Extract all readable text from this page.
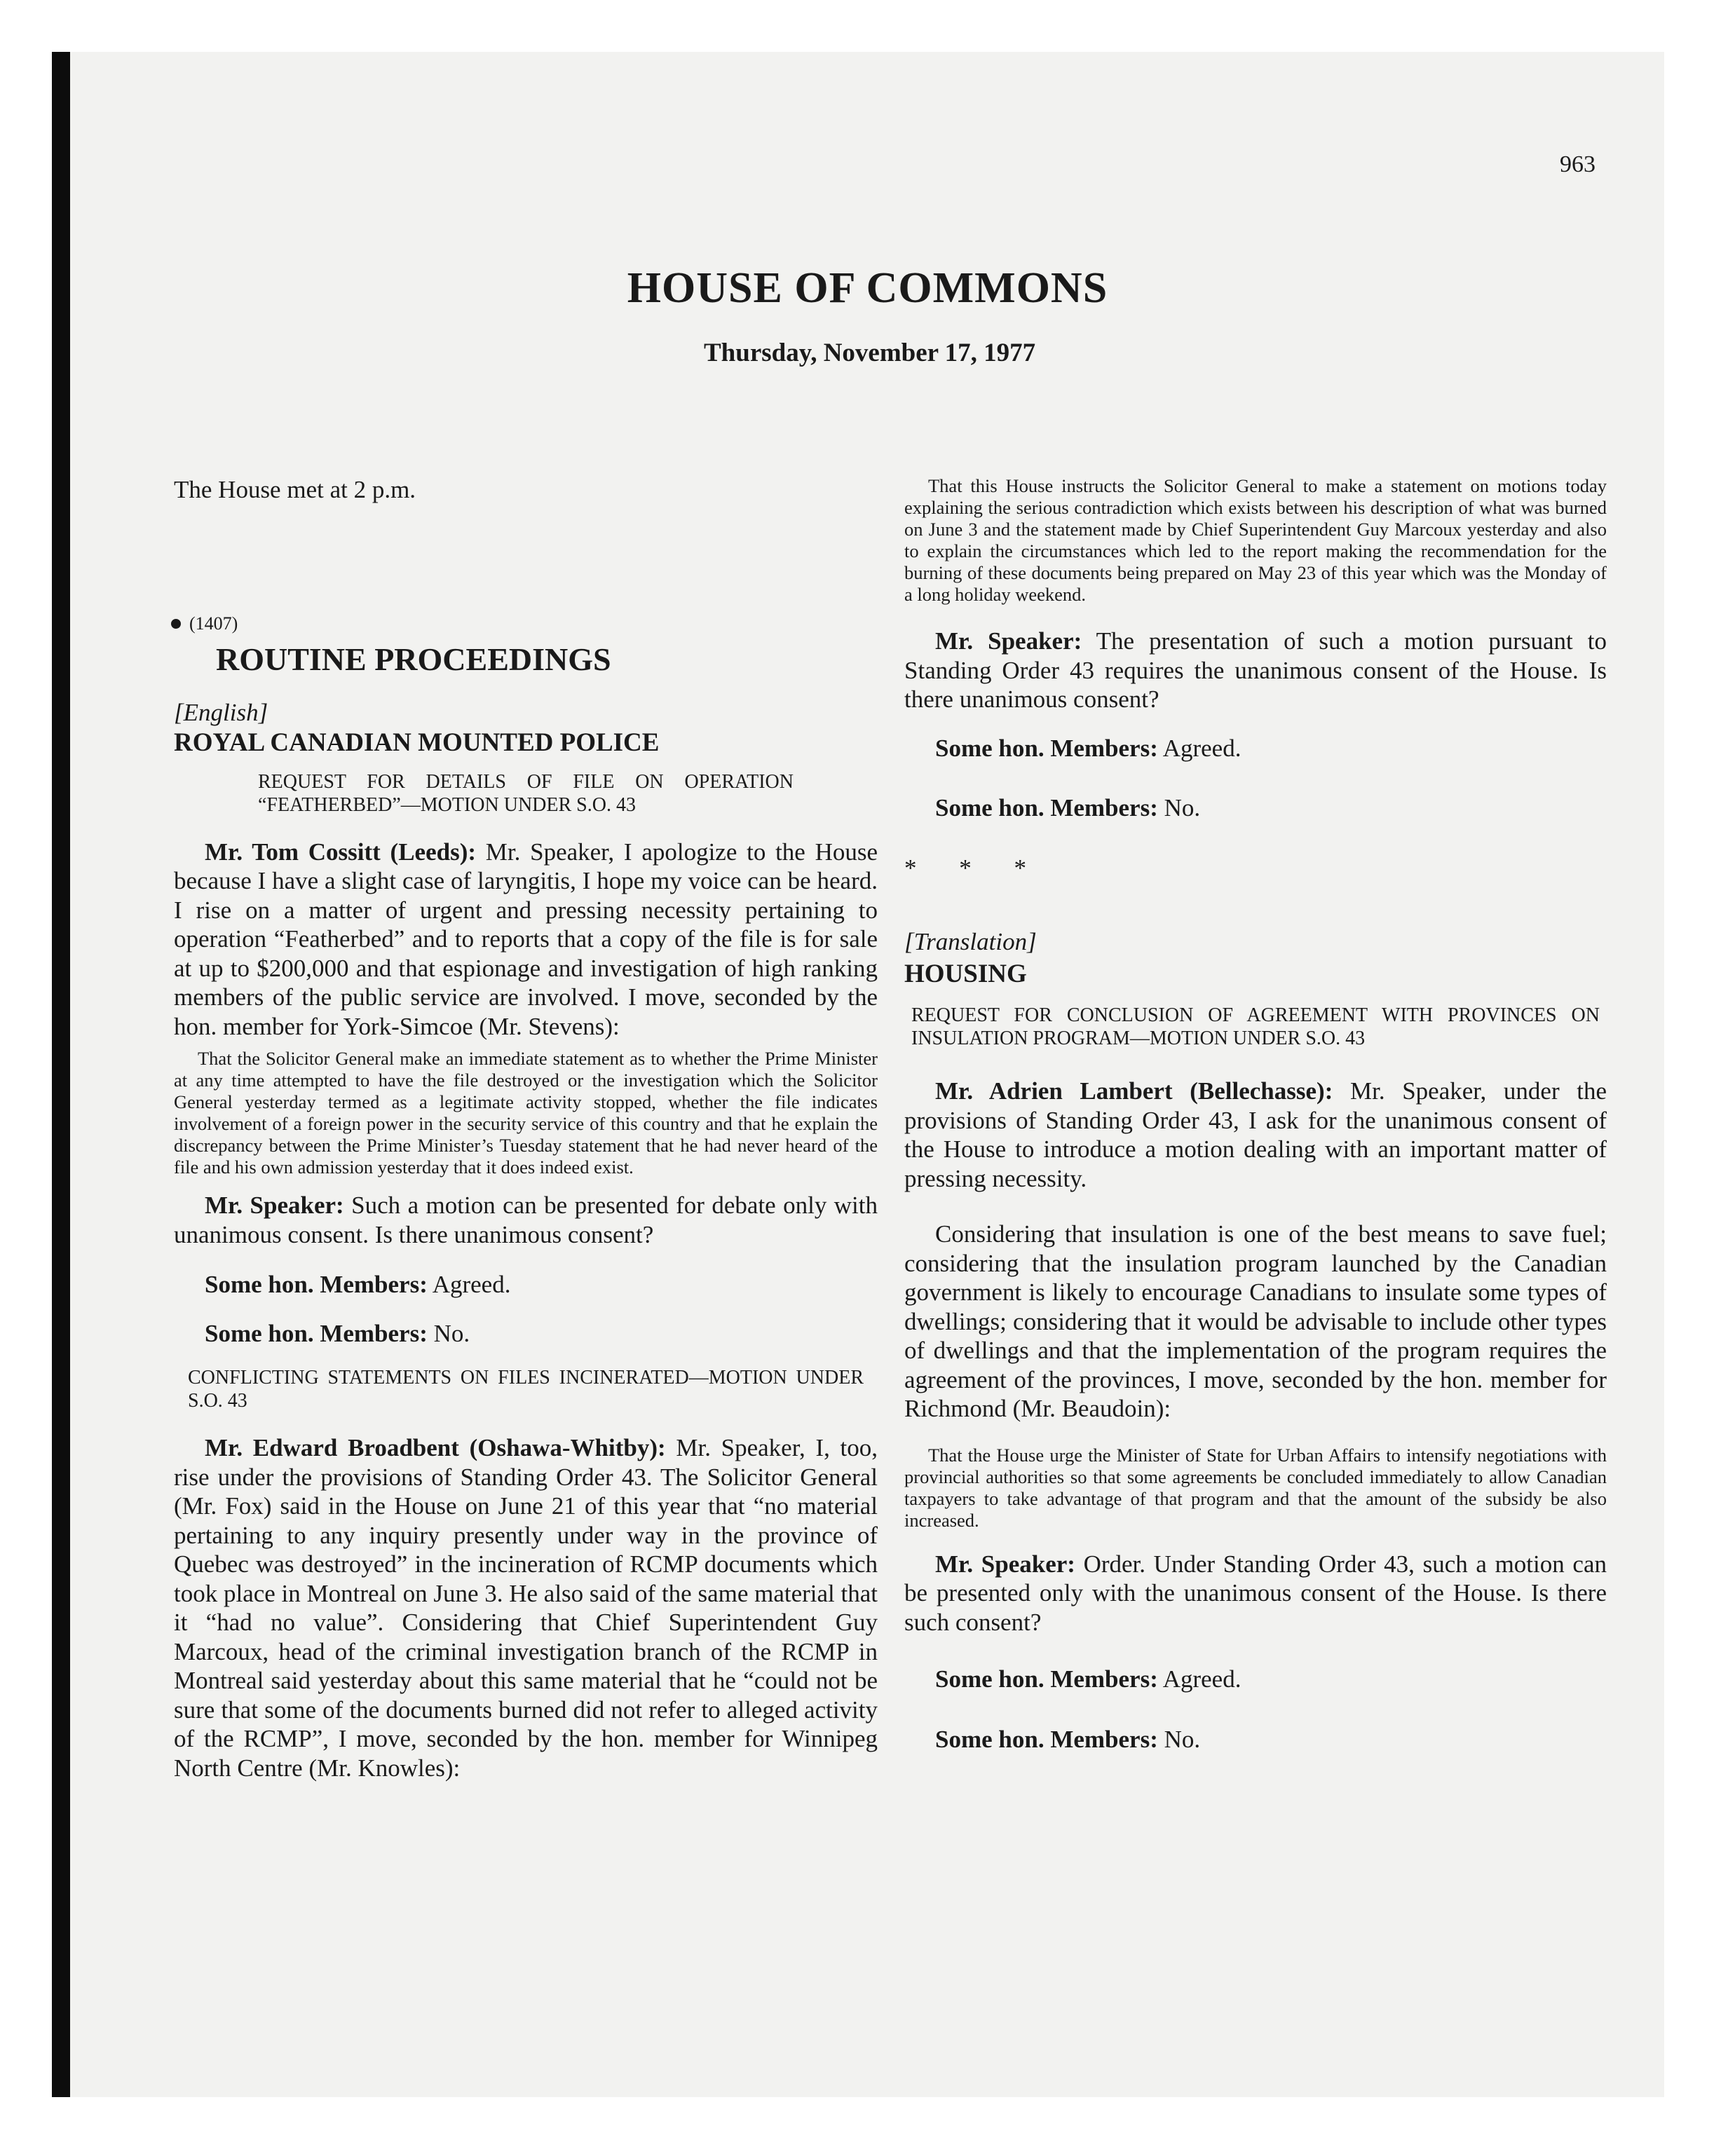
963
HOUSE OF COMMONS
Thursday, November 17, 1977

The House met at 2 p.m.

(1407)

ROUTINE PROCEEDINGS

[English]

ROYAL CANADIAN MOUNTED POLICE

REQUEST FOR DETAILS OF FILE ON OPERATION “FEATHERBED”—MOTION UNDER S.O. 43

Mr. Tom Cossitt (Leeds): Mr. Speaker, I apologize to the House because I have a slight case of laryngitis, I hope my voice can be heard. I rise on a matter of urgent and pressing necessity pertaining to operation “Featherbed” and to reports that a copy of the file is for sale at up to $200,000 and that espionage and investigation of high ranking members of the public service are involved. I move, seconded by the hon. member for York-Simcoe (Mr. Stevens):

That the Solicitor General make an immediate statement as to whether the Prime Minister at any time attempted to have the file destroyed or the investigation which the Solicitor General yesterday termed as a legitimate activity stopped, whether the file indicates involvement of a foreign power in the security service of this country and that he explain the discrepancy between the Prime Minister’s Tuesday statement that he had never heard of the file and his own admission yesterday that it does indeed exist.

Mr. Speaker: Such a motion can be presented for debate only with unanimous consent. Is there unanimous consent?

Some hon. Members: Agreed.

Some hon. Members: No.

CONFLICTING STATEMENTS ON FILES INCINERATED—MOTION UNDER S.O. 43

Mr. Edward Broadbent (Oshawa-Whitby): Mr. Speaker, I, too, rise under the provisions of Standing Order 43. The Solicitor General (Mr. Fox) said in the House on June 21 of this year that “no material pertaining to any inquiry presently under way in the province of Quebec was destroyed” in the incineration of RCMP documents which took place in Montreal on June 3. He also said of the same material that it “had no value”. Considering that Chief Superintendent Guy Marcoux, head of the criminal investigation branch of the RCMP in Montreal said yesterday about this same material that he “could not be sure that some of the documents burned did not refer to alleged activity of the RCMP”, I move, seconded by the hon. member for Winnipeg North Centre (Mr. Knowles):

That this House instructs the Solicitor General to make a statement on motions today explaining the serious contradiction which exists between his description of what was burned on June 3 and the statement made by Chief Superintendent Guy Marcoux yesterday and also to explain the circumstances which led to the report making the recommendation for the burning of these documents being prepared on May 23 of this year which was the Monday of a long holiday weekend.

Mr. Speaker: The presentation of such a motion pursuant to Standing Order 43 requires the unanimous consent of the House. Is there unanimous consent?

Some hon. Members: Agreed.

Some hon. Members: No.

* * *

[Translation]

HOUSING

REQUEST FOR CONCLUSION OF AGREEMENT WITH PROVINCES ON INSULATION PROGRAM—MOTION UNDER S.O. 43

Mr. Adrien Lambert (Bellechasse): Mr. Speaker, under the provisions of Standing Order 43, I ask for the unanimous consent of the House to introduce a motion dealing with an important matter of pressing necessity.

Considering that insulation is one of the best means to save fuel; considering that the insulation program launched by the Canadian government is likely to encourage Canadians to insulate some types of dwellings; considering that it would be advisable to include other types of dwellings and that the implementation of the program requires the agreement of the provinces, I move, seconded by the hon. member for Richmond (Mr. Beaudoin):

That the House urge the Minister of State for Urban Affairs to intensify negotiations with provincial authorities so that some agreements be concluded immediately to allow Canadian taxpayers to take advantage of that program and that the amount of the subsidy be also increased.

Mr. Speaker: Order. Under Standing Order 43, such a motion can be presented only with the unanimous consent of the House. Is there such consent?

Some hon. Members: Agreed.

Some hon. Members: No.
